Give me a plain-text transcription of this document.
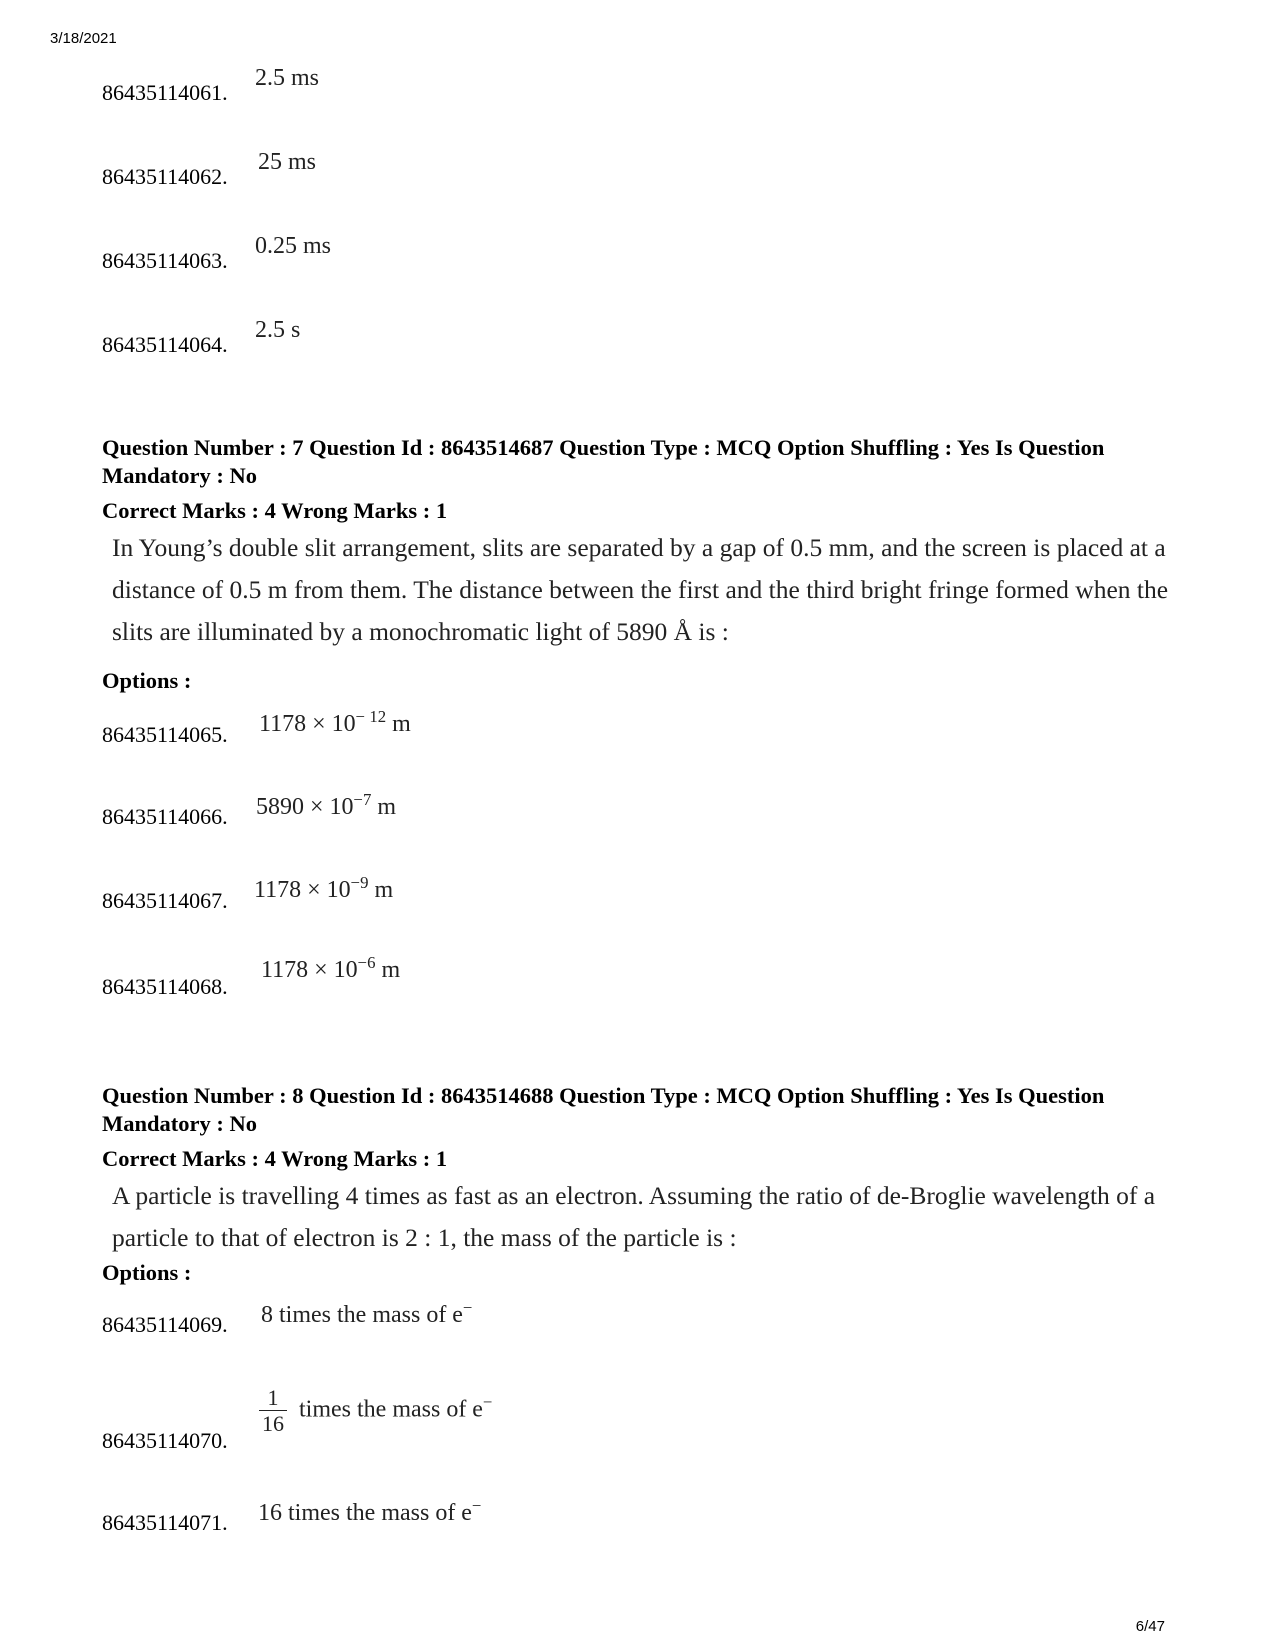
3/18/2021
86435114061.
2.5 ms
86435114062.
25 ms
86435114063.
0.25 ms
86435114064.
2.5 s
Question Number : 7 Question Id : 8643514687 Question Type : MCQ Option Shuffling : Yes Is Question Mandatory : No
Correct Marks : 4 Wrong Marks : 1
In Young’s double slit arrangement, slits are separated by a gap of 0.5 mm, and the screen is placed at a distance of 0.5 m from them. The distance between the first and the third bright fringe formed when the slits are illuminated by a monochromatic light of 5890 Å is :
Options :
86435114065. $1178 \times 10^{- 12}$ m
86435114066. $5890 \times 10^{-7}$ m
86435114067. $1178 \times 10^{-9}$ m
86435114068.
$1178 \times 10^{-6}$ m
Question Number : 8 Question Id : 8643514688 Question Type : MCQ Option Shuffling : Yes Is Question Mandatory : No
Correct Marks : 4 Wrong Marks : 1
A particle is travelling 4 times as fast as an electron. Assuming the ratio of de-Broglie wavelength of a particle to that of electron is 2 : 1, the mass of the particle is :
Options :
86435114069. 8 times the mass of e−
86435114070.
$\frac{1}{16}$ times the mass of e−
86435114071. 16 times the mass of e−
6/47
